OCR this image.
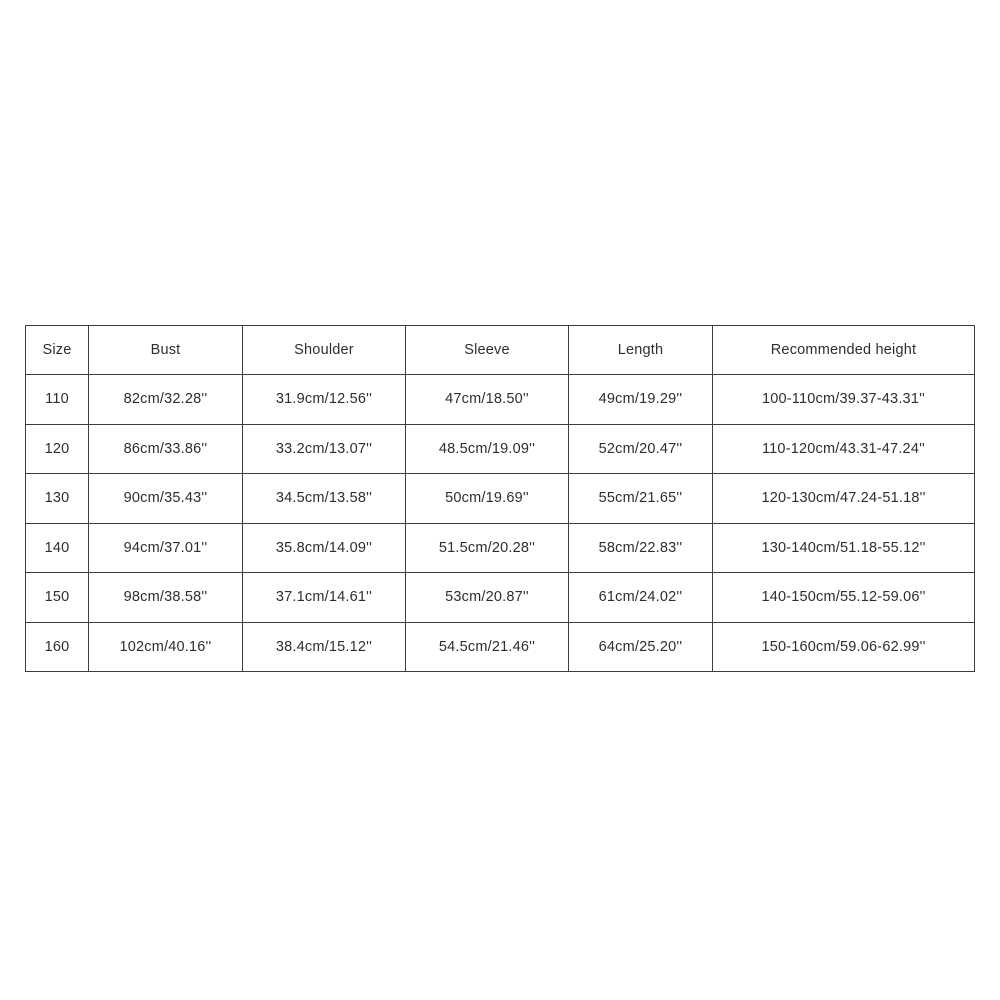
Size	Bust	Shoulder	Sleeve	Length	Recommended height
110	82cm/32.28''	31.9cm/12.56''	47cm/18.50''	49cm/19.29''	100-110cm/39.37-43.31''
120	86cm/33.86''	33.2cm/13.07''	48.5cm/19.09''	52cm/20.47''	110-120cm/43.31-47.24''
130	90cm/35.43''	34.5cm/13.58''	50cm/19.69''	55cm/21.65''	120-130cm/47.24-51.18''
140	94cm/37.01''	35.8cm/14.09''	51.5cm/20.28''	58cm/22.83''	130-140cm/51.18-55.12''
150	98cm/38.58''	37.1cm/14.61''	53cm/20.87''	61cm/24.02''	140-150cm/55.12-59.06''
160	102cm/40.16''	38.4cm/15.12''	54.5cm/21.46''	64cm/25.20''	150-160cm/59.06-62.99''
